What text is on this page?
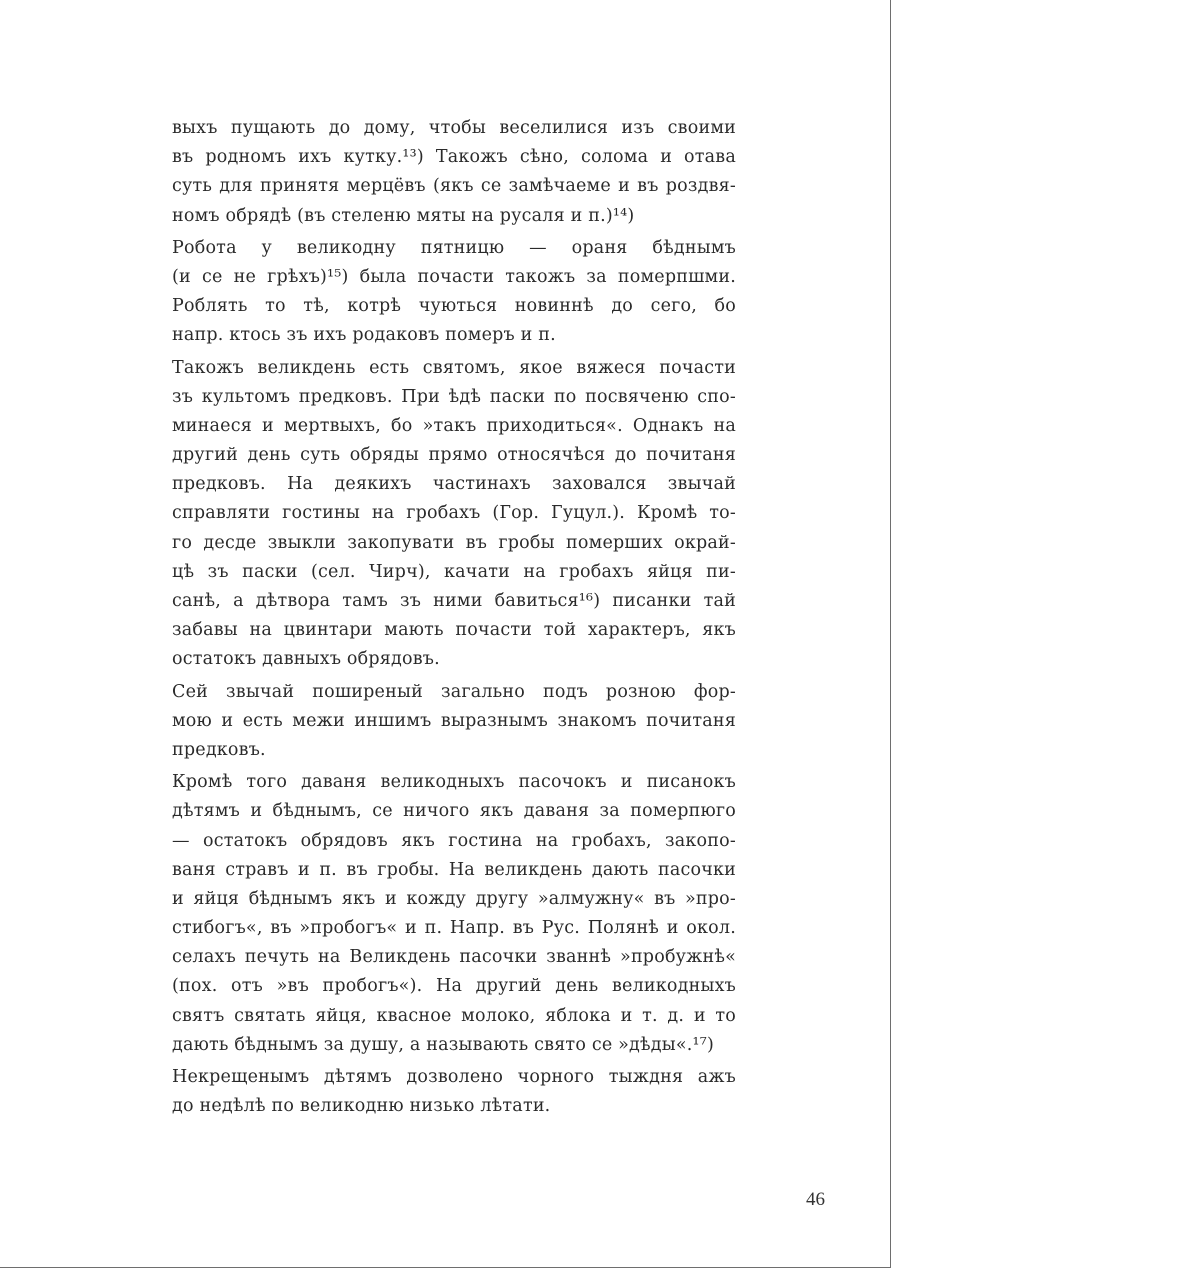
выхъ пущають до дому, чтобы веселилися изъ своими
въ родномъ ихъ кутку.¹³) Такожъ сѣно, солома и отава
суть для принятя мерцёвъ (якъ се замѣчаеме и въ роздвя-
номъ обрядѣ (въ стеленю мяты на русаля и п.)¹⁴)
Робота у великодну пятницю — ораня бѣднымъ
(и се не грѣхъ)¹⁵) была почасти такожъ за померпшми.
Роблять то тѣ, котрѣ чуються новиннѣ до сего, бо
напр. ктось зъ ихъ родаковъ померъ и п.
Такожъ великдень есть святомъ, якое вяжеся почасти
зъ культомъ предковъ. При ѣдѣ паски по посвяченю спо-
минаеся и мертвыхъ, бо »такъ приходиться«. Однакъ на
другий день суть обряды прямо относячѣся до почитаня
предковъ. На деякихъ частинахъ заховался звычай
справляти гостины на гробахъ (Гор. Гуцул.). Кромѣ то-
го десде звыкли закопувати въ гробы померших окрай-
цѣ зъ паски (сел. Чирч), качати на гробахъ яйця пи-
санѣ, а дѣтвора тамъ зъ ними бавиться¹⁶) писанки тай
забавы на цвинтари мають почасти той характеръ, якъ
остатокъ давныхъ обрядовъ.
Сей звычай поширеный загально подъ розною фор-
мою и есть межи иншимъ выразнымъ знакомъ почитаня
предковъ.
Кромѣ того даваня великодныхъ пасочокъ и писанокъ
дѣтямъ и бѣднымъ, се ничого якъ даваня за померпюго
— остатокъ обрядовъ якъ гостина на гробахъ, закопо-
ваня стравъ и п. въ гробы. На великдень дають пасочки
и яйця бѣднымъ якъ и кожду другу »алмужну« въ »про-
стибогъ«, въ »пробогъ« и п. Напр. въ Рус. Полянѣ и окол.
селахъ печуть на Великдень пасочки званнѣ »пробужнѣ«
(пох. отъ »въ пробогъ«). На другий день великодныхъ
святъ святать яйця, квасное молоко, яблока и т. д. и то
дають бѣднымъ за душу, а называють свято се »дѣды«.¹⁷)
Некрещенымъ дѣтямъ дозволено чорного тыждня ажъ
до недѣлѣ по великодню низько лѣтати.
46
